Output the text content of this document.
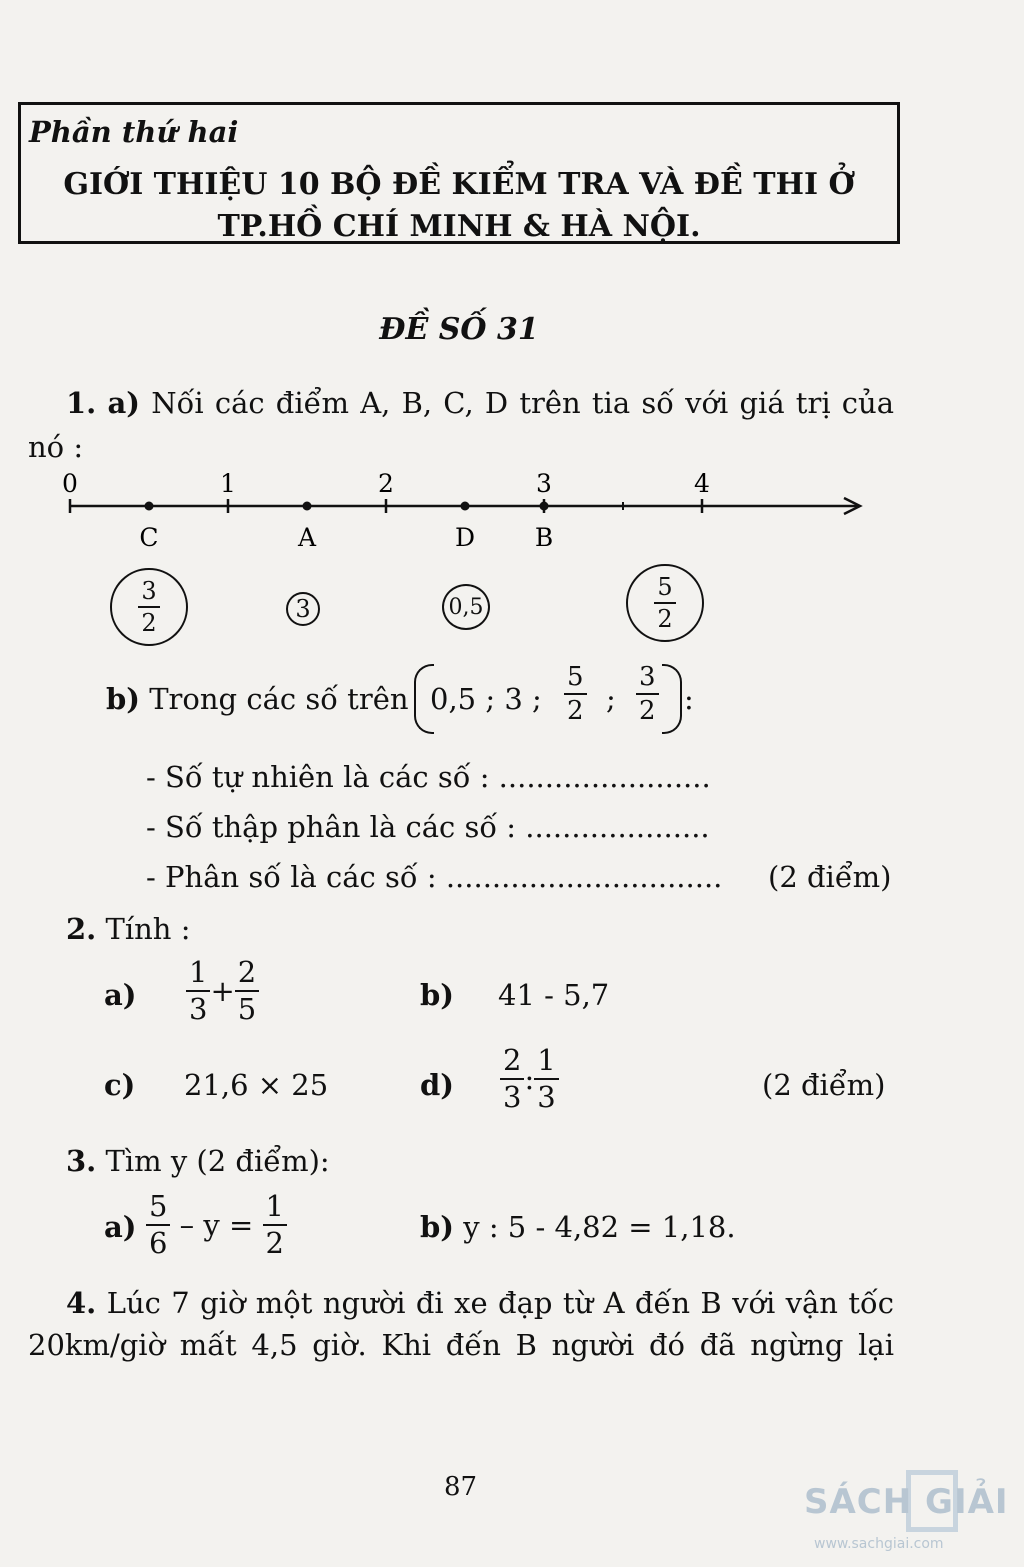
Phần thứ hai
GIỚI THIỆU 10 BỘ ĐỀ KIỂM TRA VÀ ĐỀ THI Ở
TP.HỒ CHÍ MINH & HÀ NỘI.
ĐỀ SỐ 31
1. a) Nối các điểm A, B, C, D trên tia số với giá trị của
nó :
0	1	2	3	4
C	A	D B
$\frac{3}{2}$	3	0,5	$\frac{5}{2}$
b) Trong các số trên 0,5 ; 3 ; $\frac{5}{2}$ ; $\frac{3}{2}$ :
- Số tự nhiên là các số : .......................
- Số thập phân là các số : ....................
- Phân số là các số : .............................. (2 điểm)
2. Tính :
$a) \frac{1}{3} + \frac{2}{5}$	b) 41 - 5,7
c) 21,6 × 25	$d) \frac{2}{3}$ : $\frac{1}{3}$	(2 điểm)
3. Tìm y (2 điểm):
$a) \frac{5}{6} - y = \frac{1}{2}$	b) y : 5 - 4,82 = 1,18.
4. Lúc 7 giờ một người đi xe đạp từ A đến B với vận tốc
20km/giờ mất 4,5 giờ. Khi đến B người đó đã ngừng lại
87	SÁCH GIẢI
www.sachgiai.com
